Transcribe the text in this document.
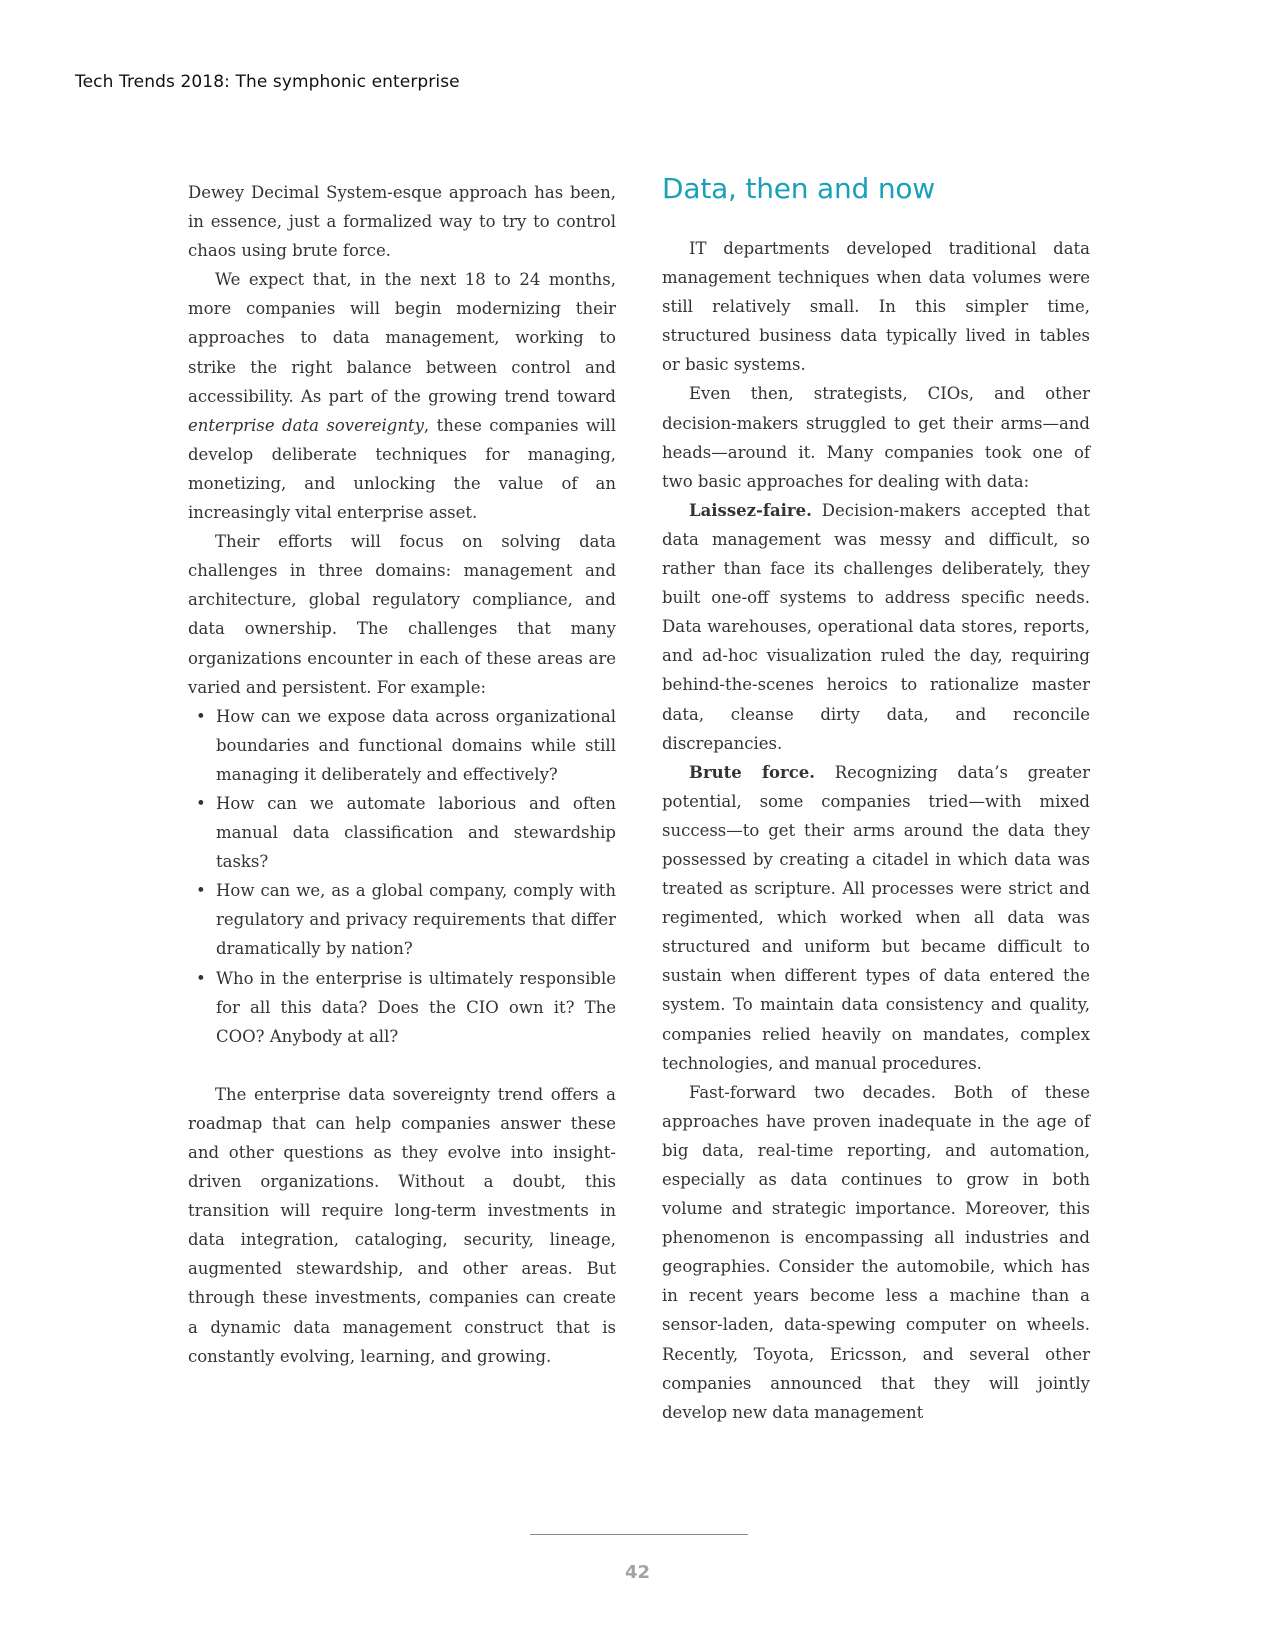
Tech Trends 2018: The symphonic enterprise

Dewey Decimal System-esque approach has been, in essence, just a formalized way to try to control chaos using brute force.

We expect that, in the next 18 to 24 months, more companies will begin modernizing their approaches to data management, working to strike the right balance between control and accessibility. As part of the growing trend toward enterprise data sovereignty, these companies will develop deliberate techniques for managing, monetizing, and unlocking the value of an increasingly vital enterprise asset.

Their efforts will focus on solving data challenges in three domains: management and architecture, global regulatory compliance, and data ownership. The challenges that many organizations encounter in each of these areas are varied and persistent. For example:

• How can we expose data across organizational boundaries and functional domains while still managing it deliberately and effectively?
• How can we automate laborious and often manual data classification and stewardship tasks?
• How can we, as a global company, comply with regulatory and privacy requirements that differ dramatically by nation?
• Who in the enterprise is ultimately responsible for all this data? Does the CIO own it? The COO? Anybody at all?

The enterprise data sovereignty trend offers a roadmap that can help companies answer these and other questions as they evolve into insight-driven organizations. Without a doubt, this transition will require long-term investments in data integration, cataloging, security, lineage, augmented stewardship, and other areas. But through these investments, companies can create a dynamic data management construct that is constantly evolving, learning, and growing.

Data, then and now

IT departments developed traditional data management techniques when data volumes were still relatively small. In this simpler time, structured business data typically lived in tables or basic systems.

Even then, strategists, CIOs, and other decision-makers struggled to get their arms—and heads—around it. Many companies took one of two basic approaches for dealing with data:

Laissez-faire. Decision-makers accepted that data management was messy and difficult, so rather than face its challenges deliberately, they built one-off systems to address specific needs. Data warehouses, operational data stores, reports, and ad-hoc visualization ruled the day, requiring behind-the-scenes heroics to rationalize master data, cleanse dirty data, and reconcile discrepancies.

Brute force. Recognizing data’s greater potential, some companies tried—with mixed success—to get their arms around the data they possessed by creating a citadel in which data was treated as scripture. All processes were strict and regimented, which worked when all data was structured and uniform but became difficult to sustain when different types of data entered the system. To maintain data consistency and quality, companies relied heavily on mandates, complex technologies, and manual procedures.

Fast-forward two decades. Both of these approaches have proven inadequate in the age of big data, real-time reporting, and automation, especially as data continues to grow in both volume and strategic importance. Moreover, this phenomenon is encompassing all industries and geographies. Consider the automobile, which has in recent years become less a machine than a sensor-laden, data-spewing computer on wheels. Recently, Toyota, Ericsson, and several other companies announced that they will jointly develop new data management

42
